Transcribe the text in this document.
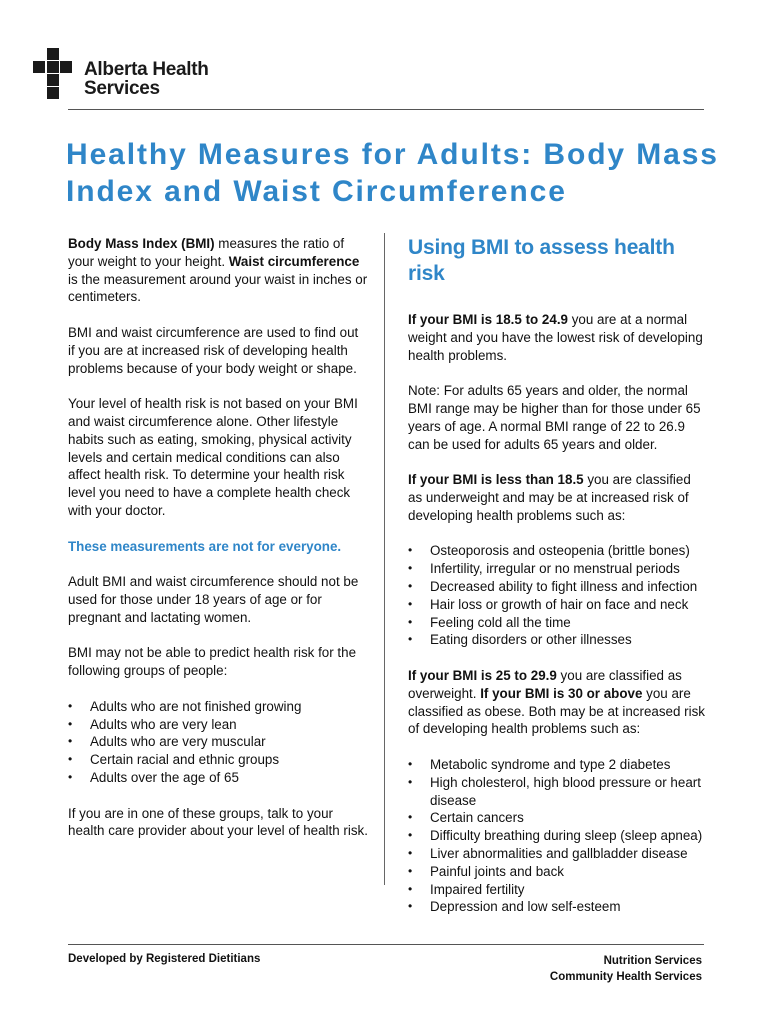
Alberta Health
Services
Healthy Measures for Adults: Body Mass Index and Waist Circumference

Body Mass Index (BMI) measures the ratio of your weight to your height. Waist circumference is the measurement around your waist in inches or centimeters.

BMI and waist circumference are used to find out if you are at increased risk of developing health problems because of your body weight or shape.

Your level of health risk is not based on your BMI and waist circumference alone. Other lifestyle habits such as eating, smoking, physical activity levels and certain medical conditions can also affect health risk. To determine your health risk level you need to have a complete health check with your doctor.

These measurements are not for everyone.

Adult BMI and waist circumference should not be used for those under 18 years of age or for pregnant and lactating women.

BMI may not be able to predict health risk for the following groups of people:

• Adults who are not finished growing
• Adults who are very lean
• Adults who are very muscular
• Certain racial and ethnic groups
• Adults over the age of 65

If you are in one of these groups, talk to your health care provider about your level of health risk.

Using BMI to assess health risk

If your BMI is 18.5 to 24.9 you are at a normal weight and you have the lowest risk of developing health problems.

Note: For adults 65 years and older, the normal BMI range may be higher than for those under 65 years of age. A normal BMI range of 22 to 26.9 can be used for adults 65 years and older.

If your BMI is less than 18.5 you are classified as underweight and may be at increased risk of developing health problems such as:

• Osteoporosis and osteopenia (brittle bones)
• Infertility, irregular or no menstrual periods
• Decreased ability to fight illness and infection
• Hair loss or growth of hair on face and neck
• Feeling cold all the time
• Eating disorders or other illnesses

If your BMI is 25 to 29.9 you are classified as overweight. If your BMI is 30 or above you are classified as obese. Both may be at increased risk of developing health problems such as:

• Metabolic syndrome and type 2 diabetes
• High cholesterol, high blood pressure or heart disease
• Certain cancers
• Difficulty breathing during sleep (sleep apnea)
• Liver abnormalities and gallbladder disease
• Painful joints and back
• Impaired fertility
• Depression and low self-esteem
Developed by Registered Dietitians	Nutrition Services
Community Health Services
